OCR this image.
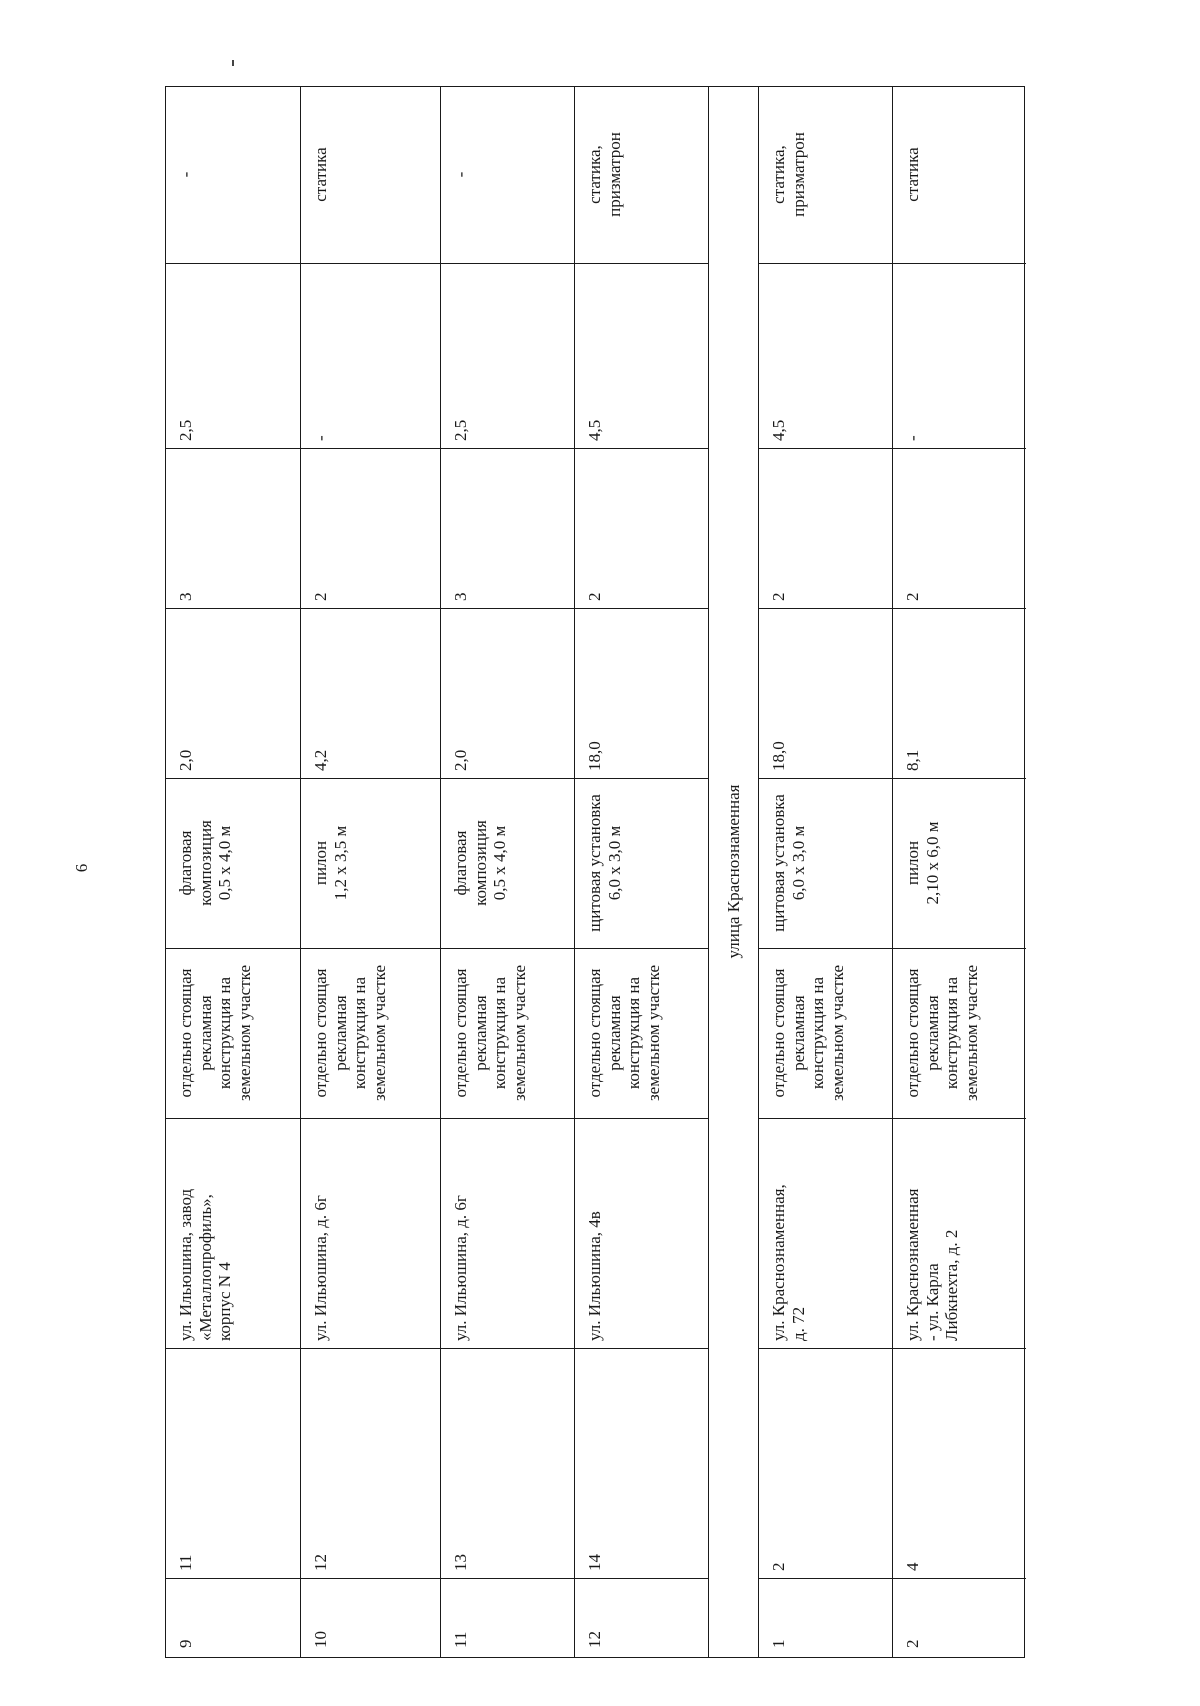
6
9
11
ул. Ильюшина, завод
«Металлопрофиль»,
корпус N 4
отдельно стоящая
рекламная
конструкция на
земельном участке
флаговая
композиция
0,5 x 4,0 м
2,0
3
2,5
-
10
12
ул. Ильюшина, д. 6г
отдельно стоящая
рекламная
конструкция на
земельном участке
пилон
1,2 x 3,5 м
4,2
2
-
статика
11
13
ул. Ильюшина, д. 6г
отдельно стоящая
рекламная
конструкция на
земельном участке
флаговая
композиция
0,5 x 4,0 м
2,0
3
2,5
-
12
14
ул. Ильюшина, 4в
отдельно стоящая
рекламная
конструкция на
земельном участке
щитовая установка
6,0 x 3,0 м
18,0
2
4,5
статика,
призматрон
улица Краснознаменная
1
2
ул. Краснознаменная,
д. 72
отдельно стоящая
рекламная
конструкция на
земельном участке
щитовая установка
6,0 x 3,0 м
18,0
2
4,5
статика,
призматрон
2
4
ул. Краснознаменная
- ул. Карла
Либкнехта, д. 2
отдельно стоящая
рекламная
конструкция на
земельном участке
пилон
2,10 x 6,0 м
8,1
2
-
статика
